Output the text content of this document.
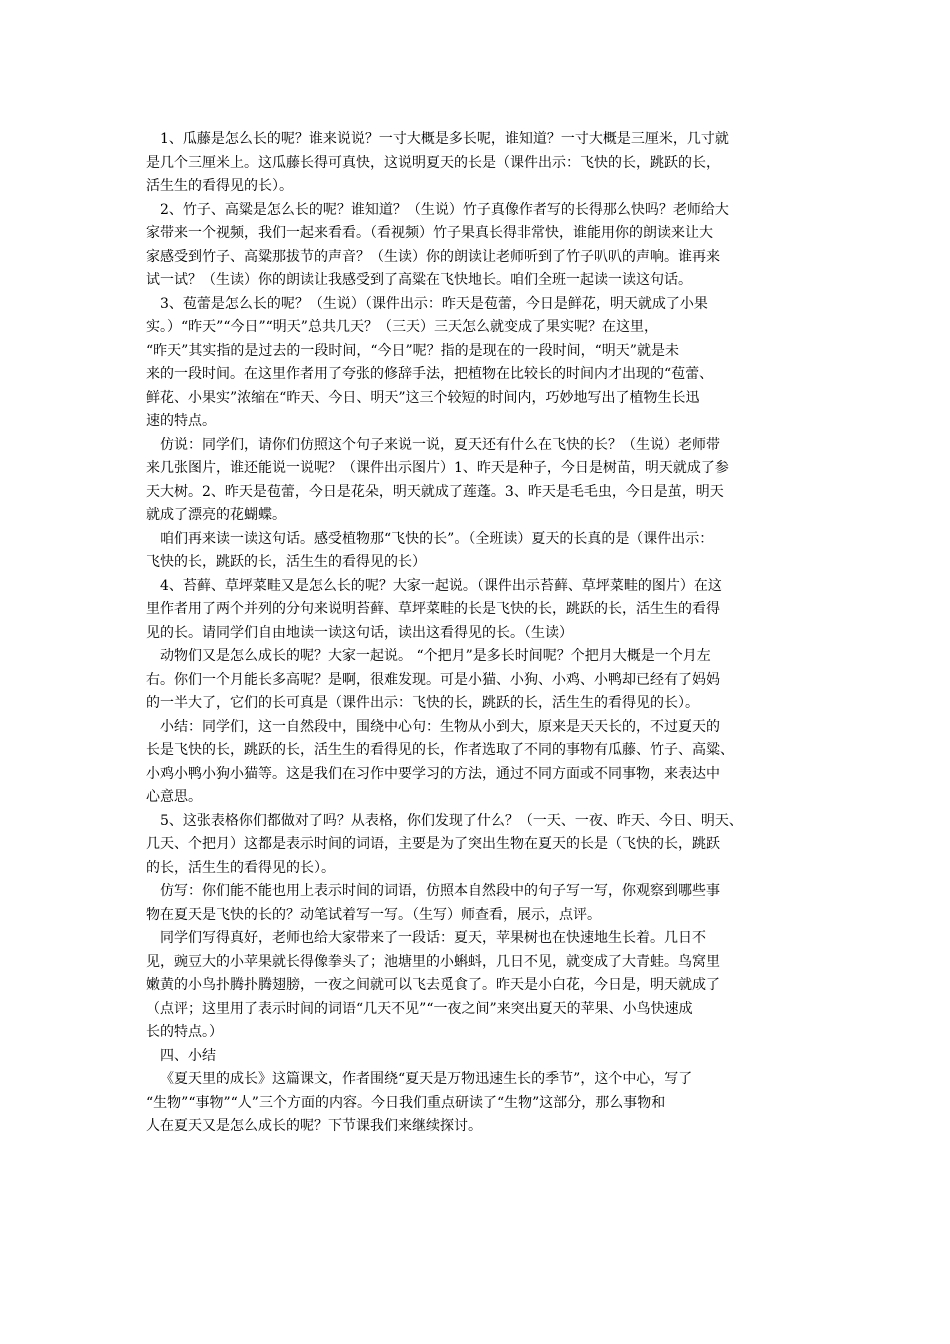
1、瓜藤是怎么长的呢？谁来说说？一寸大概是多长呢，谁知道？一寸大概是三厘米，几寸就
是几个三厘米上。这瓜藤长得可真快，这说明夏天的长是（课件出示：飞快的长，跳跃的长，
活生生的看得见的长）。
2、竹子、高粱是怎么长的呢？谁知道？（生说）竹子真像作者写的长得那么快吗？老师给大
家带来一个视频，我们一起来看看。（看视频）竹子果真长得非常快，谁能用你的朗读来让大
家感受到竹子、高粱那拔节的声音？（生读）你的朗读让老师听到了竹子叭叭的声响。谁再来
试一试？（生读）你的朗读让我感受到了高粱在飞快地长。咱们全班一起读一读这句话。
3、苞蕾是怎么长的呢？（生说）（课件出示：昨天是苞蕾，今日是鲜花，明天就成了小果
实。）“昨天”“今日”“明天”总共几天？（三天）三天怎么就变成了果实呢？在这里，
“昨天”其实指的是过去的一段时间，“今日”呢？指的是现在的一段时间，“明天”就是未
来的一段时间。在这里作者用了夸张的修辞手法，把植物在比较长的时间内才出现的“苞蕾、
鲜花、小果实”浓缩在“昨天、今日、明天”这三个较短的时间内，巧妙地写出了植物生长迅
速的特点。
仿说：同学们，请你们仿照这个句子来说一说，夏天还有什么在飞快的长？（生说）老师带
来几张图片，谁还能说一说呢？（课件出示图片）1、昨天是种子，今日是树苗，明天就成了参
天大树。2、昨天是苞蕾，今日是花朵，明天就成了莲蓬。3、昨天是毛毛虫，今日是茧，明天
就成了漂亮的花蝴蝶。
咱们再来读一读这句话。感受植物那“飞快的长”。（全班读）夏天的长真的是（课件出示：
飞快的长，跳跃的长，活生生的看得见的长）
4、苔藓、草坪菜畦又是怎么长的呢？大家一起说。（课件出示苔藓、草坪菜畦的图片）在这
里作者用了两个并列的分句来说明苔藓、草坪菜畦的长是飞快的长，跳跃的长，活生生的看得
见的长。请同学们自由地读一读这句话，读出这看得见的长。（生读）
动物们又是怎么成长的呢？大家一起说。 “个把月”是多长时间呢？个把月大概是一个月左
右。你们一个月能长多高呢？是啊，很难发现。可是小猫、小狗、小鸡、小鸭却已经有了妈妈
的一半大了，它们的长可真是（课件出示：飞快的长，跳跃的长，活生生的看得见的长）。
小结：同学们，这一自然段中，围绕中心句：生物从小到大，原来是天天长的，不过夏天的
长是飞快的长，跳跃的长，活生生的看得见的长，作者选取了不同的事物有瓜藤、竹子、高粱、
小鸡小鸭小狗小猫等。这是我们在习作中要学习的方法，通过不同方面或不同事物，来表达中
心意思。
5、这张表格你们都做对了吗？从表格，你们发现了什么？（一天、一夜、昨天、今日、明天、
几天、个把月）这都是表示时间的词语，主要是为了突出生物在夏天的长是（飞快的长，跳跃
的长，活生生的看得见的长）。
仿写：你们能不能也用上表示时间的词语，仿照本自然段中的句子写一写，你观察到哪些事
物在夏天是飞快的长的？动笔试着写一写。（生写）师查看，展示，点评。
同学们写得真好，老师也给大家带来了一段话：夏天，苹果树也在快速地生长着。几日不
见，豌豆大的小苹果就长得像拳头了；池塘里的小蝌蚪，几日不见，就变成了大青蛙。鸟窝里
嫩黄的小鸟扑腾扑腾翅膀，一夜之间就可以飞去觅食了。昨天是小白花，今日是，明天就成了
（点评；这里用了表示时间的词语“几天不见”“一夜之间”来突出夏天的苹果、小鸟快速成
长的特点。）
四、小结
《夏天里的成长》这篇课文，作者围绕“夏天是万物迅速生长的季节”，这个中心，写了
“生物”“事物”“人”三个方面的内容。今日我们重点研读了“生物”这部分，那么事物和
人在夏天又是怎么成长的呢？下节课我们来继续探讨。
